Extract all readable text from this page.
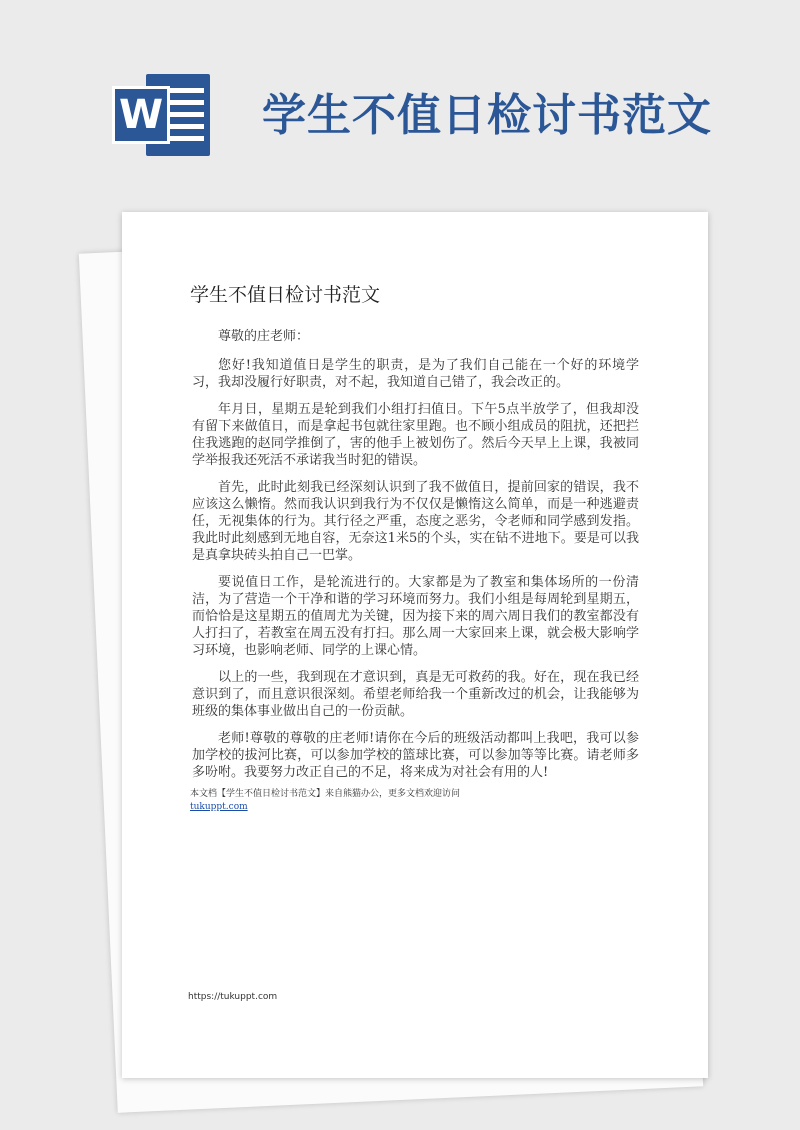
W 学生不值日检讨书范文
学生不值日检讨书范文

尊敬的庄老师：

您好!我知道值日是学生的职责，是为了我们自己能在一个好的环境学习，我却没履行好职责，对不起，我知道自己错了，我会改正的。

年月日，星期五是轮到我们小组打扫值日。下午5点半放学了，但我却没有留下来做值日，而是拿起书包就往家里跑。也不顾小组成员的阻扰，还把拦住我逃跑的赵同学推倒了，害的他手上被划伤了。然后今天早上上课，我被同学举报我还死活不承诺我当时犯的错误。

首先，此时此刻我已经深刻认识到了我不做值日，提前回家的错误，我不应该这么懒惰。然而我认识到我行为不仅仅是懒惰这么简单，而是一种逃避责任，无视集体的行为。其行径之严重，态度之恶劣，令老师和同学感到发指。我此时此刻感到无地自容，无奈这1米5的个头，实在钻不进地下。要是可以我是真拿块砖头拍自己一巴掌。

要说值日工作，是轮流进行的。大家都是为了教室和集体场所的一份清洁，为了营造一个干净和谐的学习环境而努力。我们小组是每周轮到星期五，而恰恰是这星期五的值周尤为关键，因为接下来的周六周日我们的教室都没有人打扫了，若教室在周五没有打扫。那么周一大家回来上课，就会极大影响学习环境，也影响老师、同学的上课心情。

以上的一些，我到现在才意识到，真是无可救药的我。好在，现在我已经意识到了，而且意识很深刻。希望老师给我一个重新改过的机会，让我能够为班级的集体事业做出自己的一份贡献。

老师!尊敬的尊敬的庄老师!请你在今后的班级活动都叫上我吧，我可以参加学校的拔河比赛，可以参加学校的篮球比赛，可以参加等等比赛。请老师多多吩咐。我要努力改正自己的不足，将来成为对社会有用的人!

本文档【学生不值日检讨书范文】来自熊猫办公，更多文档欢迎访问
tukuppt.com
https://tukuppt.com
